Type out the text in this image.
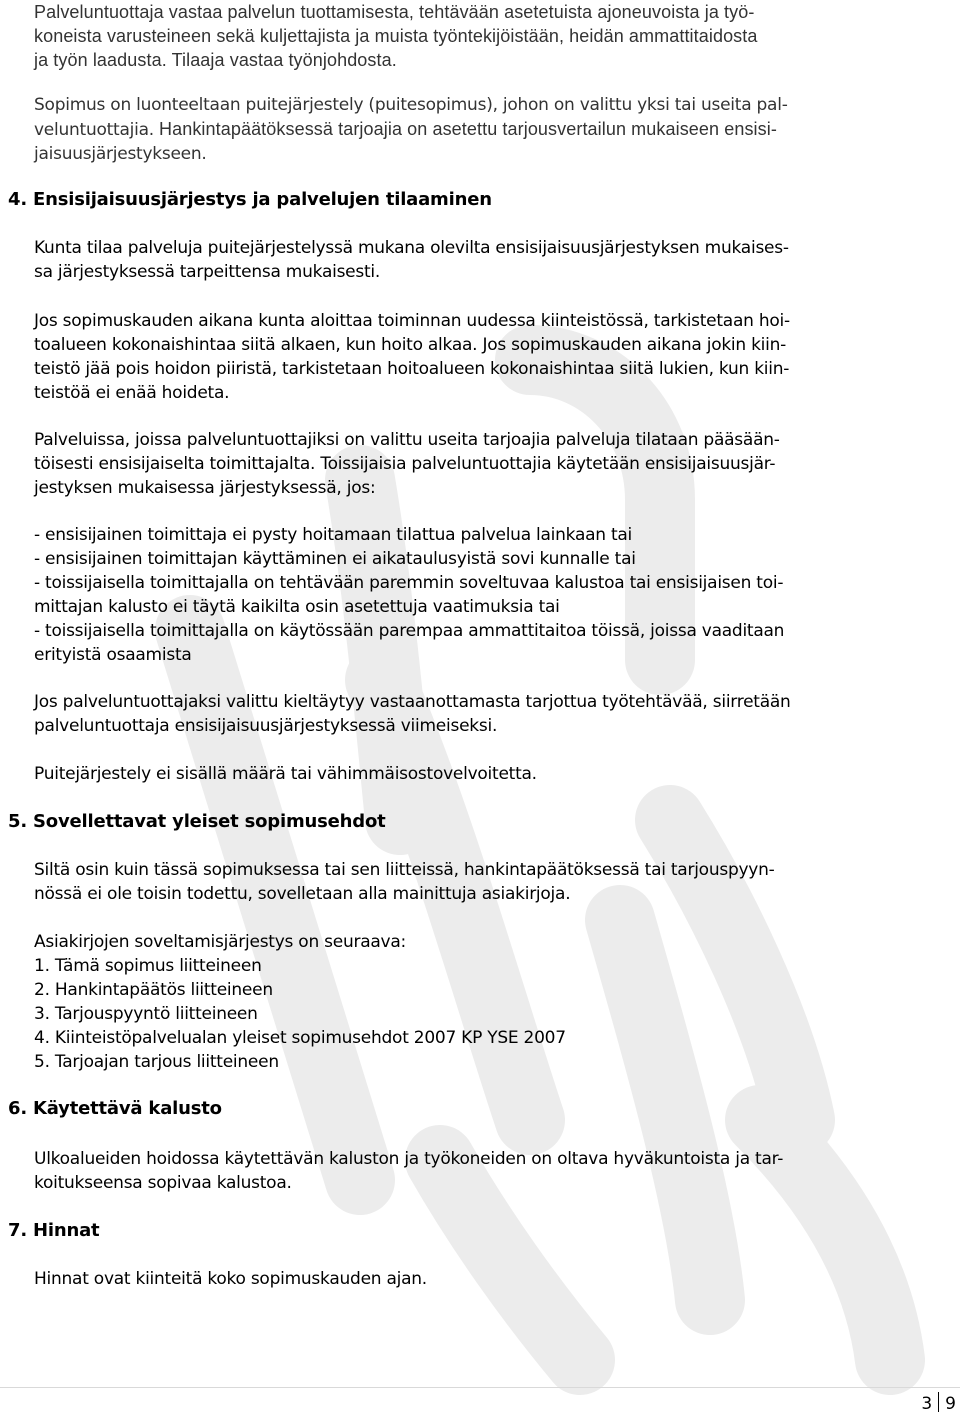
Palveluntuottaja vastaa palvelun tuottamisesta, tehtävään asetetuista ajoneuvoista ja työ-
koneista varusteineen sekä kuljettajista ja muista työntekijöistään, heidän ammattitaidosta
ja työn laadusta. Tilaaja vastaa työnjohdosta.

Sopimus on luonteeltaan puitejärjestely (puitesopimus), johon on valittu yksi tai useita pal-
veluntuottajia. Hankintapäätöksessä tarjoajia on asetettu tarjousvertailun mukaiseen ensisi-
jaisuusjärjestykseen.

4. Ensisijaisuusjärjestys ja palvelujen tilaaminen

Kunta tilaa palveluja puitejärjestelyssä mukana olevilta ensisijaisuusjärjestyksen mukaises-
sa järjestyksessä tarpeittensa mukaisesti.

Jos sopimuskauden aikana kunta aloittaa toiminnan uudessa kiinteistössä, tarkistetaan hoi-
toalueen kokonaishintaa siitä alkaen, kun hoito alkaa. Jos sopimuskauden aikana jokin kiin-
teistö jää pois hoidon piiristä, tarkistetaan hoitoalueen kokonaishintaa siitä lukien, kun kiin-
teistöä ei enää hoideta.

Palveluissa, joissa palveluntuottajiksi on valittu useita tarjoajia palveluja tilataan pääsään-
töisesti ensisijaiselta toimittajalta. Toissijaisia palveluntuottajia käytetään ensisijaisuusjär-
jestyksen mukaisessa järjestyksessä, jos:

- ensisijainen toimittaja ei pysty hoitamaan tilattua palvelua lainkaan tai
- ensisijainen toimittajan käyttäminen ei aikataulusyistä sovi kunnalle tai
- toissijaisella toimittajalla on tehtävään paremmin soveltuvaa kalustoa tai ensisijaisen toi-
mittajan kalusto ei täytä kaikilta osin asetettuja vaatimuksia tai
- toissijaisella toimittajalla on käytössään parempaa ammattitaitoa töissä, joissa vaaditaan
erityistä osaamista

Jos palveluntuottajaksi valittu kieltäytyy vastaanottamasta tarjottua työtehtävää, siirretään
palveluntuottaja ensisijaisuusjärjestyksessä viimeiseksi.

Puitejärjestely ei sisällä määrä tai vähimmäisostovelvoitetta.

5. Sovellettavat yleiset sopimusehdot

Siltä osin kuin tässä sopimuksessa tai sen liitteissä, hankintapäätöksessä tai tarjouspyyn-
nössä ei ole toisin todettu, sovelletaan alla mainittuja asiakirjoja.

Asiakirjojen soveltamisjärjestys on seuraava:
1. Tämä sopimus liitteineen
2. Hankintapäätös liitteineen
3. Tarjouspyyntö liitteineen
4. Kiinteistöpalvelualan yleiset sopimusehdot 2007 KP YSE 2007
5. Tarjoajan tarjous liitteineen

6. Käytettävä kalusto

Ulkoalueiden hoidossa käytettävän kaluston ja työkoneiden on oltava hyväkuntoista ja tar-
koitukseensa sopivaa kalustoa.

7. Hinnat

Hinnat ovat kiinteitä koko sopimuskauden ajan.

3 9
